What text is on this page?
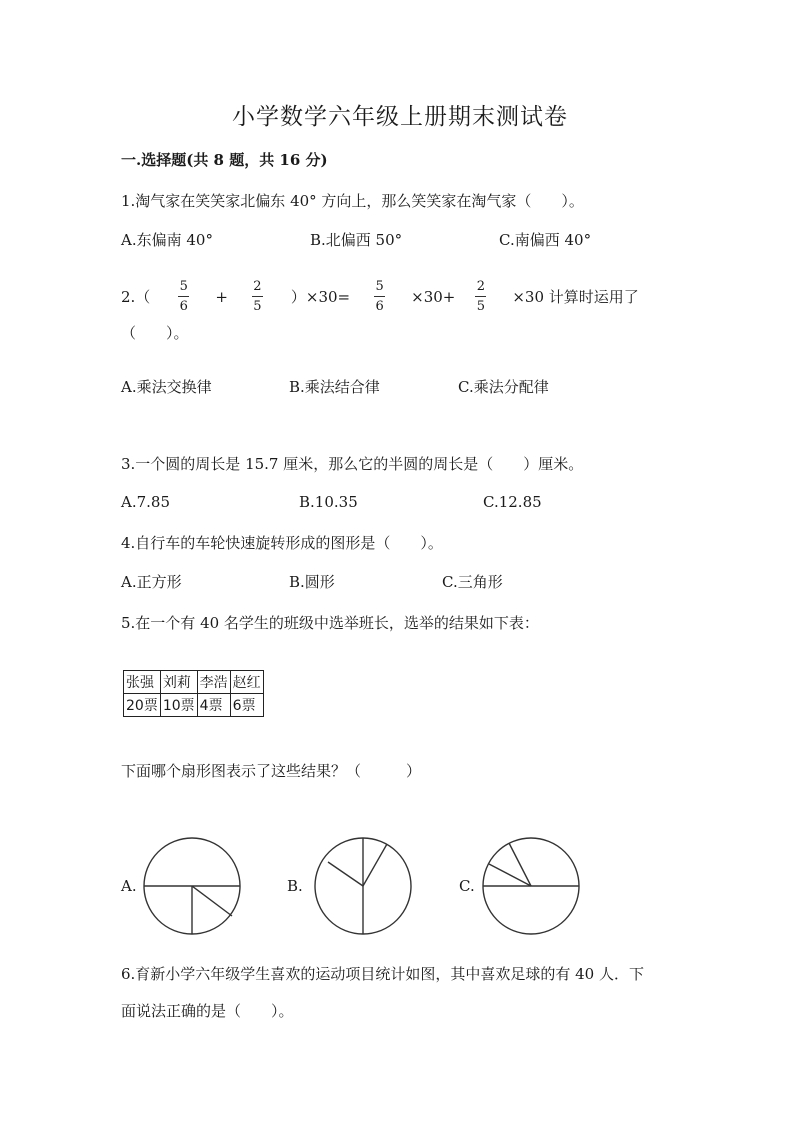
小学数学六年级上册期末测试卷
一.选择题(共 8 题，共 16 分)
1.淘气家在笑笑家北偏东 40° 方向上，那么笑笑家在淘气家（　　）。
A.东偏南 40°	B.北偏西 50°	C.南偏西 40°
$2.( \frac{5}{6} + \frac{2}{5} )\times 30= \frac{5}{6} \times 30+ \frac{2}{5} \times 30$ 计算时运用了
（　　）。
A.乘法交换律	B.乘法结合律	C.乘法分配律
3.一个圆的周长是 15.7 厘米，那么它的半圆的周长是（　　）厘米。
A.7.85	B.10.35	C.12.85
4.自行车的车轮快速旋转形成的图形是（　　）。
A.正方形	B.圆形	C.三角形
5.在一个有 40 名学生的班级中选举班长，选举的结果如下表：
张强	刘莉	李浩	赵红
20票	10票	4票	6票
下面哪个扇形图表示了这些结果？（　　　）
A.	B.	C.
6.育新小学六年级学生喜欢的运动项目统计如图，其中喜欢足球的有 40 人．下
面说法正确的是（　　）。
